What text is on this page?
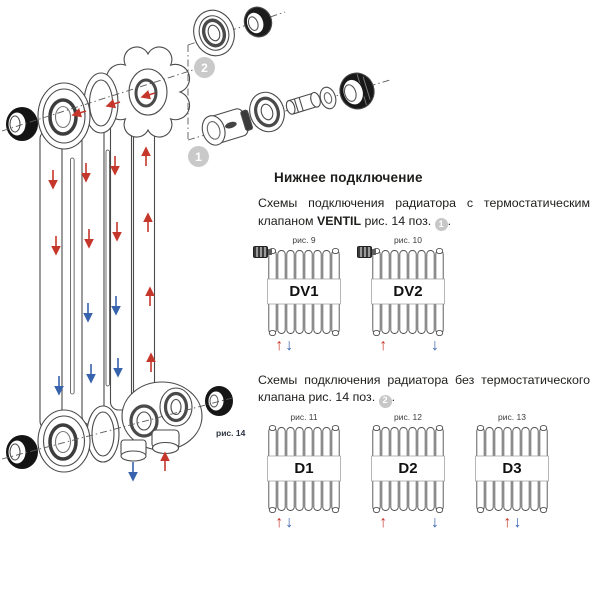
2
1
рис. 14
Нижнее подключение

Схемы подключения радиатора с термостатическим клапаном VENTIL рис. 14 поз. 1 .

рис. 9
DV1
↑ ↓
рис. 10
DV2
↑	↓

Схемы подключения радиатора без термостатического клапана рис. 14 поз. 2 .

рис. 11
D1
↑ ↓
рис. 12
D2
↑	↓
рис. 13
D3
↑ ↓
